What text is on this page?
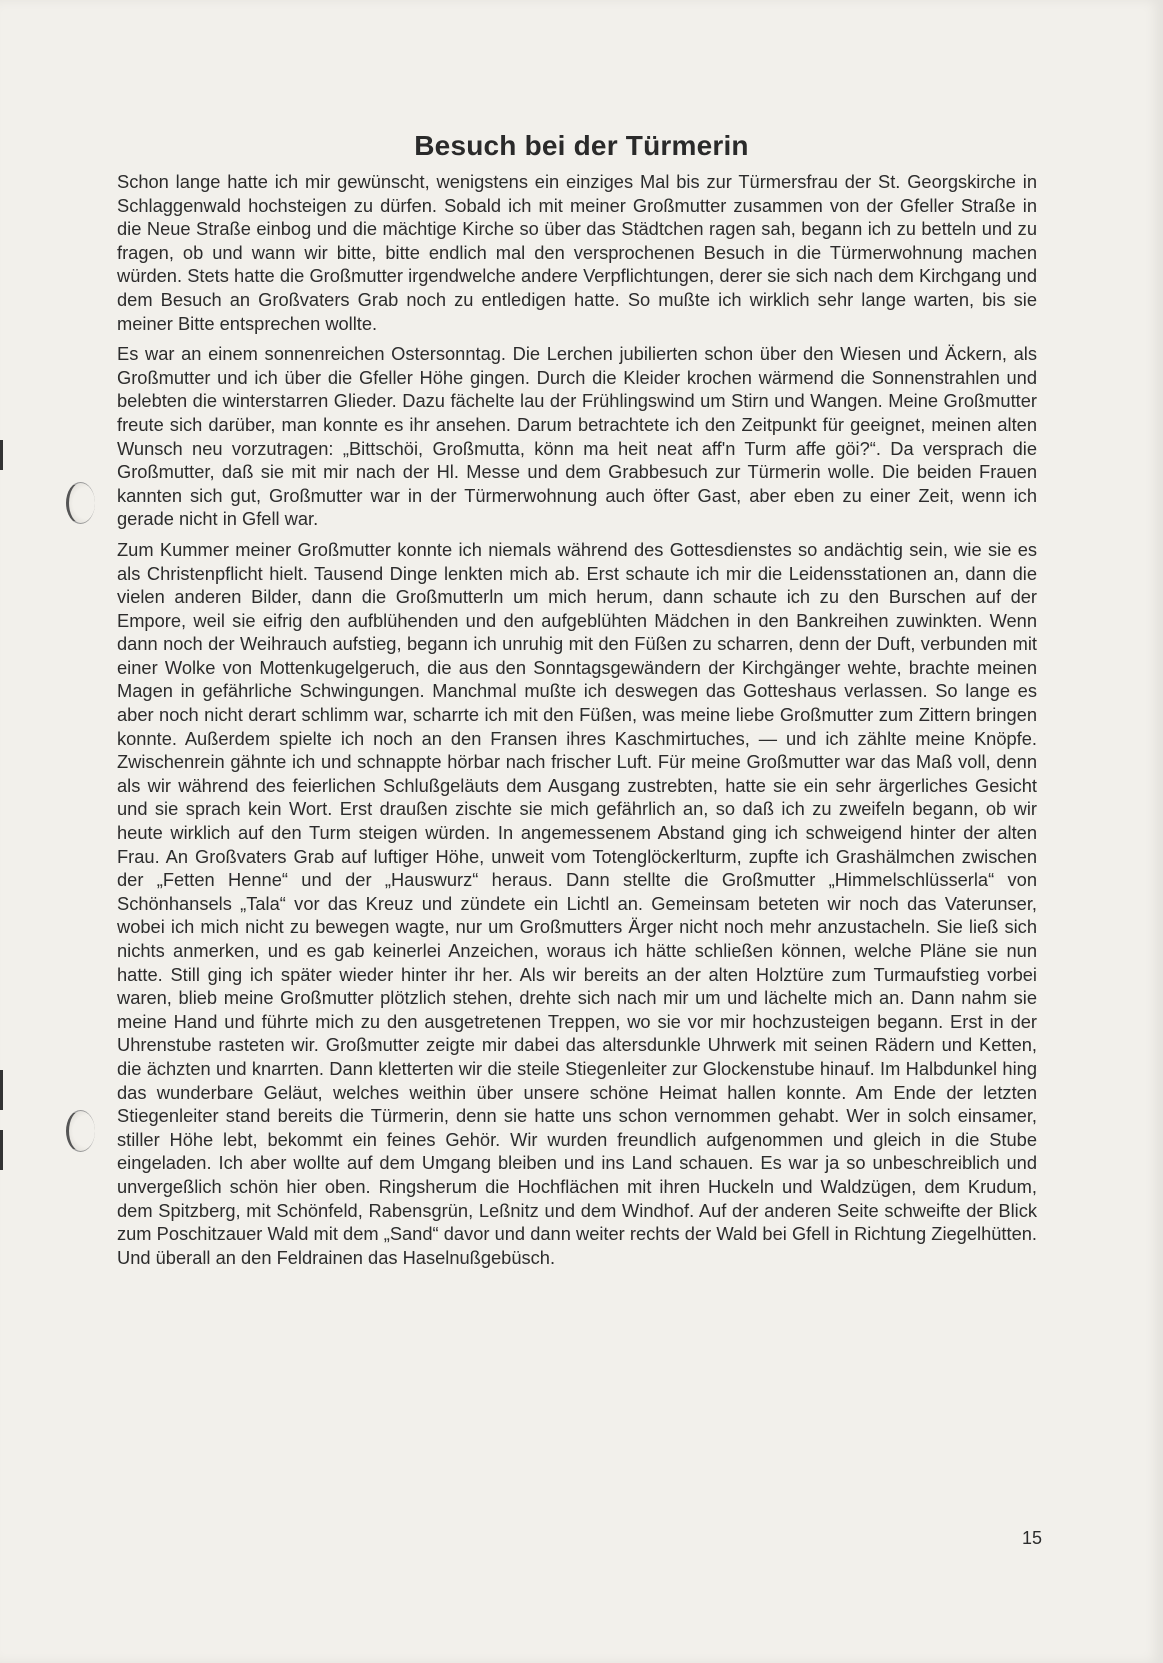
Besuch bei der Türmerin

Schon lange hatte ich mir gewünscht, wenigstens ein einziges Mal bis zur Türmersfrau der St. Georgskirche in Schlaggenwald hochsteigen zu dürfen. Sobald ich mit meiner Großmutter zusammen von der Gfeller Straße in die Neue Straße einbog und die mächtige Kirche so über das Städtchen ragen sah, begann ich zu betteln und zu fragen, ob und wann wir bitte, bitte endlich mal den versprochenen Besuch in die Türmerwohnung machen würden. Stets hatte die Großmutter irgendwelche andere Verpflichtungen, derer sie sich nach dem Kirchgang und dem Besuch an Großvaters Grab noch zu entledigen hatte. So mußte ich wirklich sehr lange warten, bis sie meiner Bitte entsprechen wollte.

Es war an einem sonnenreichen Ostersonntag. Die Lerchen jubilierten schon über den Wiesen und Äckern, als Großmutter und ich über die Gfeller Höhe gingen. Durch die Kleider krochen wärmend die Sonnenstrahlen und belebten die winterstarren Glieder. Dazu fächelte lau der Frühlingswind um Stirn und Wangen. Meine Großmutter freute sich darüber, man konnte es ihr ansehen. Darum betrachtete ich den Zeitpunkt für geeignet, meinen alten Wunsch neu vorzutragen: „Bittschöi, Großmutta, könn ma heit neat aff'n Turm affe göi?“. Da versprach die Großmutter, daß sie mit mir nach der Hl. Messe und dem Grabbesuch zur Türmerin wolle. Die beiden Frauen kannten sich gut, Großmutter war in der Türmerwohnung auch öfter Gast, aber eben zu einer Zeit, wenn ich gerade nicht in Gfell war.

Zum Kummer meiner Großmutter konnte ich niemals während des Gottesdienstes so andächtig sein, wie sie es als Christenpflicht hielt. Tausend Dinge lenkten mich ab. Erst schaute ich mir die Leidensstationen an, dann die vielen anderen Bilder, dann die Großmutterln um mich herum, dann schaute ich zu den Burschen auf der Empore, weil sie eifrig den aufblühenden und den aufgeblühten Mädchen in den Bankreihen zuwinkten. Wenn dann noch der Weihrauch aufstieg, begann ich unruhig mit den Füßen zu scharren, denn der Duft, verbunden mit einer Wolke von Mottenkugelgeruch, die aus den Sonntagsgewändern der Kirchgänger wehte, brachte meinen Magen in gefährliche Schwingungen. Manchmal mußte ich deswegen das Gotteshaus verlassen. So lange es aber noch nicht derart schlimm war, scharrte ich mit den Füßen, was meine liebe Großmutter zum Zittern bringen konnte. Außerdem spielte ich noch an den Fransen ihres Kaschmirtuches, — und ich zählte meine Knöpfe. Zwischenrein gähnte ich und schnappte hörbar nach frischer Luft. Für meine Großmutter war das Maß voll, denn als wir während des feierlichen Schlußgeläuts dem Ausgang zustrebten, hatte sie ein sehr ärgerliches Gesicht und sie sprach kein Wort. Erst draußen zischte sie mich gefährlich an, so daß ich zu zweifeln begann, ob wir heute wirklich auf den Turm steigen würden. In angemessenem Abstand ging ich schweigend hinter der alten Frau. An Großvaters Grab auf luftiger Höhe, unweit vom Totenglöckerlturm, zupfte ich Grashälmchen zwischen der „Fetten Henne“ und der „Hauswurz“ heraus. Dann stellte die Großmutter „Himmelschlüsserla“ von Schönhansels „Tala“ vor das Kreuz und zündete ein Lichtl an. Gemeinsam beteten wir noch das Vaterunser, wobei ich mich nicht zu bewegen wagte, nur um Großmutters Ärger nicht noch mehr anzustacheln. Sie ließ sich nichts anmerken, und es gab keinerlei Anzeichen, woraus ich hätte schließen können, welche Pläne sie nun hatte. Still ging ich später wieder hinter ihr her. Als wir bereits an der alten Holztüre zum Turmaufstieg vorbei waren, blieb meine Großmutter plötzlich stehen, drehte sich nach mir um und lächelte mich an. Dann nahm sie meine Hand und führte mich zu den ausgetretenen Treppen, wo sie vor mir hochzusteigen begann. Erst in der Uhrenstube rasteten wir. Großmutter zeigte mir dabei das altersdunkle Uhrwerk mit seinen Rädern und Ketten, die ächzten und knarrten. Dann kletterten wir die steile Stiegenleiter zur Glockenstube hinauf. Im Halbdunkel hing das wunderbare Geläut, welches weithin über unsere schöne Heimat hallen konnte. Am Ende der letzten Stiegenleiter stand bereits die Türmerin, denn sie hatte uns schon vernommen gehabt. Wer in solch einsamer, stiller Höhe lebt, bekommt ein feines Gehör. Wir wurden freundlich aufgenommen und gleich in die Stube eingeladen. Ich aber wollte auf dem Umgang bleiben und ins Land schauen. Es war ja so unbeschreiblich und unvergeßlich schön hier oben. Ringsherum die Hochflächen mit ihren Huckeln und Waldzügen, dem Krudum, dem Spitzberg, mit Schönfeld, Rabensgrün, Leßnitz und dem Windhof. Auf der anderen Seite schweifte der Blick zum Poschitzauer Wald mit dem „Sand“ davor und dann weiter rechts der Wald bei Gfell in Richtung Ziegelhütten. Und überall an den Feldrainen das Haselnußgebüsch.

15
